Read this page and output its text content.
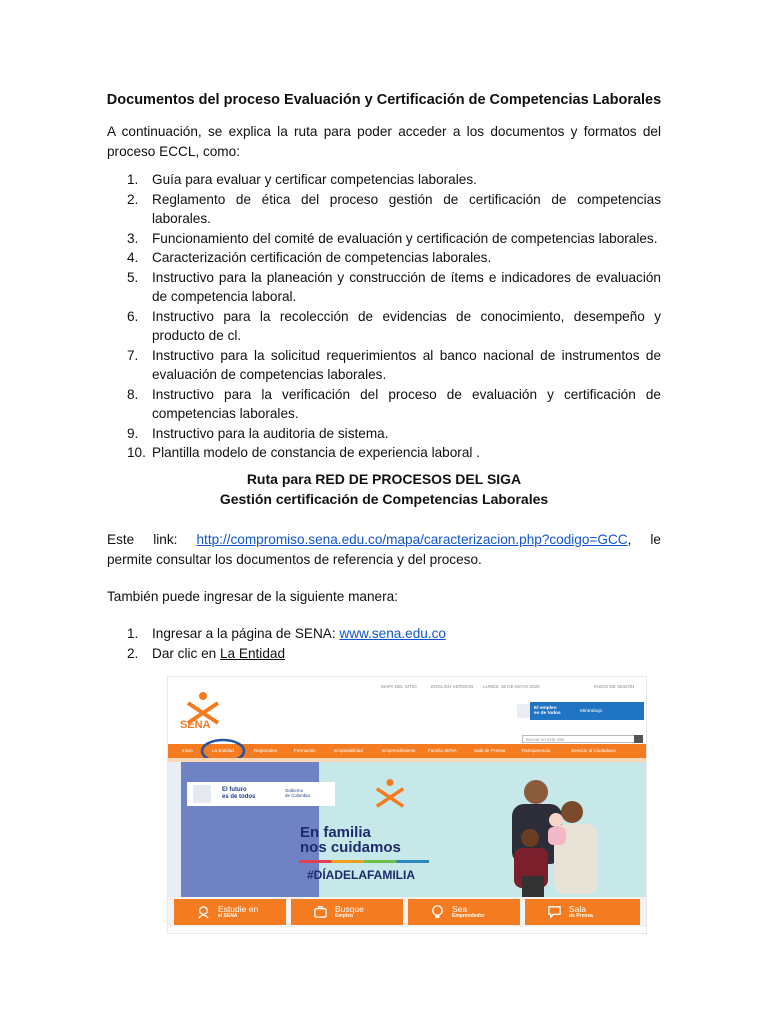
Documentos del proceso Evaluación y Certificación de Competencias Laborales
A continuación, se explica la ruta para poder acceder a los documentos y formatos del proceso ECCL, como:
1.	Guía para evaluar y certificar competencias laborales.
2.	Reglamento de ética del proceso gestión de certificación de competencias laborales.
3.	Funcionamiento del comité de evaluación y certificación de competencias laborales.
4.	Caracterización certificación de competencias laborales.
5.	Instructivo para la planeación y construcción de ítems e indicadores de evaluación de competencia laboral.
6.	Instructivo para la recolección de evidencias de conocimiento, desempeño y producto de cl.
7.	Instructivo para la solicitud requerimientos al banco nacional de instrumentos de evaluación de competencias laborales.
8.	Instructivo para la verificación del proceso de evaluación y certificación de competencias laborales.
9.	Instructivo para la auditoria de sistema.
10. Plantilla modelo de constancia de experiencia laboral .
Ruta para RED DE PROCESOS DEL SIGA
Gestión certificación de Competencias Laborales
Este link: http://compromiso.sena.edu.co/mapa/caracterizacion.php?codigo=GCC, le permite consultar los documentos de referencia y del proceso.
También puede ingresar de la siguiente manera:
1.	Ingresar a la página de SENA: www.sena.edu.co
2.	Dar clic en La Entidad
MAPA DEL SITIO	ENGLISH VERSION LUNES, 18 DE MAYO 2020	INICIO DE SESIÓN
SENA
El empleo
es de todos	Mintrabajo
Buscar en este sitio
Inicio	La Entidad	Regionales	Formación	Empleabilidad	Emprendimiento	Familia SENA	Sala de Prensa	Transparencia	Servicio al Ciudadano
El futuro
es de todos
Gobierno
de Colombia
En familia
nos cuidamos
#DÍADELAFAMILIA
Estudie en
el SENA
Busque
Empleo
Sea
Emprendedor
Sala
de Prensa
